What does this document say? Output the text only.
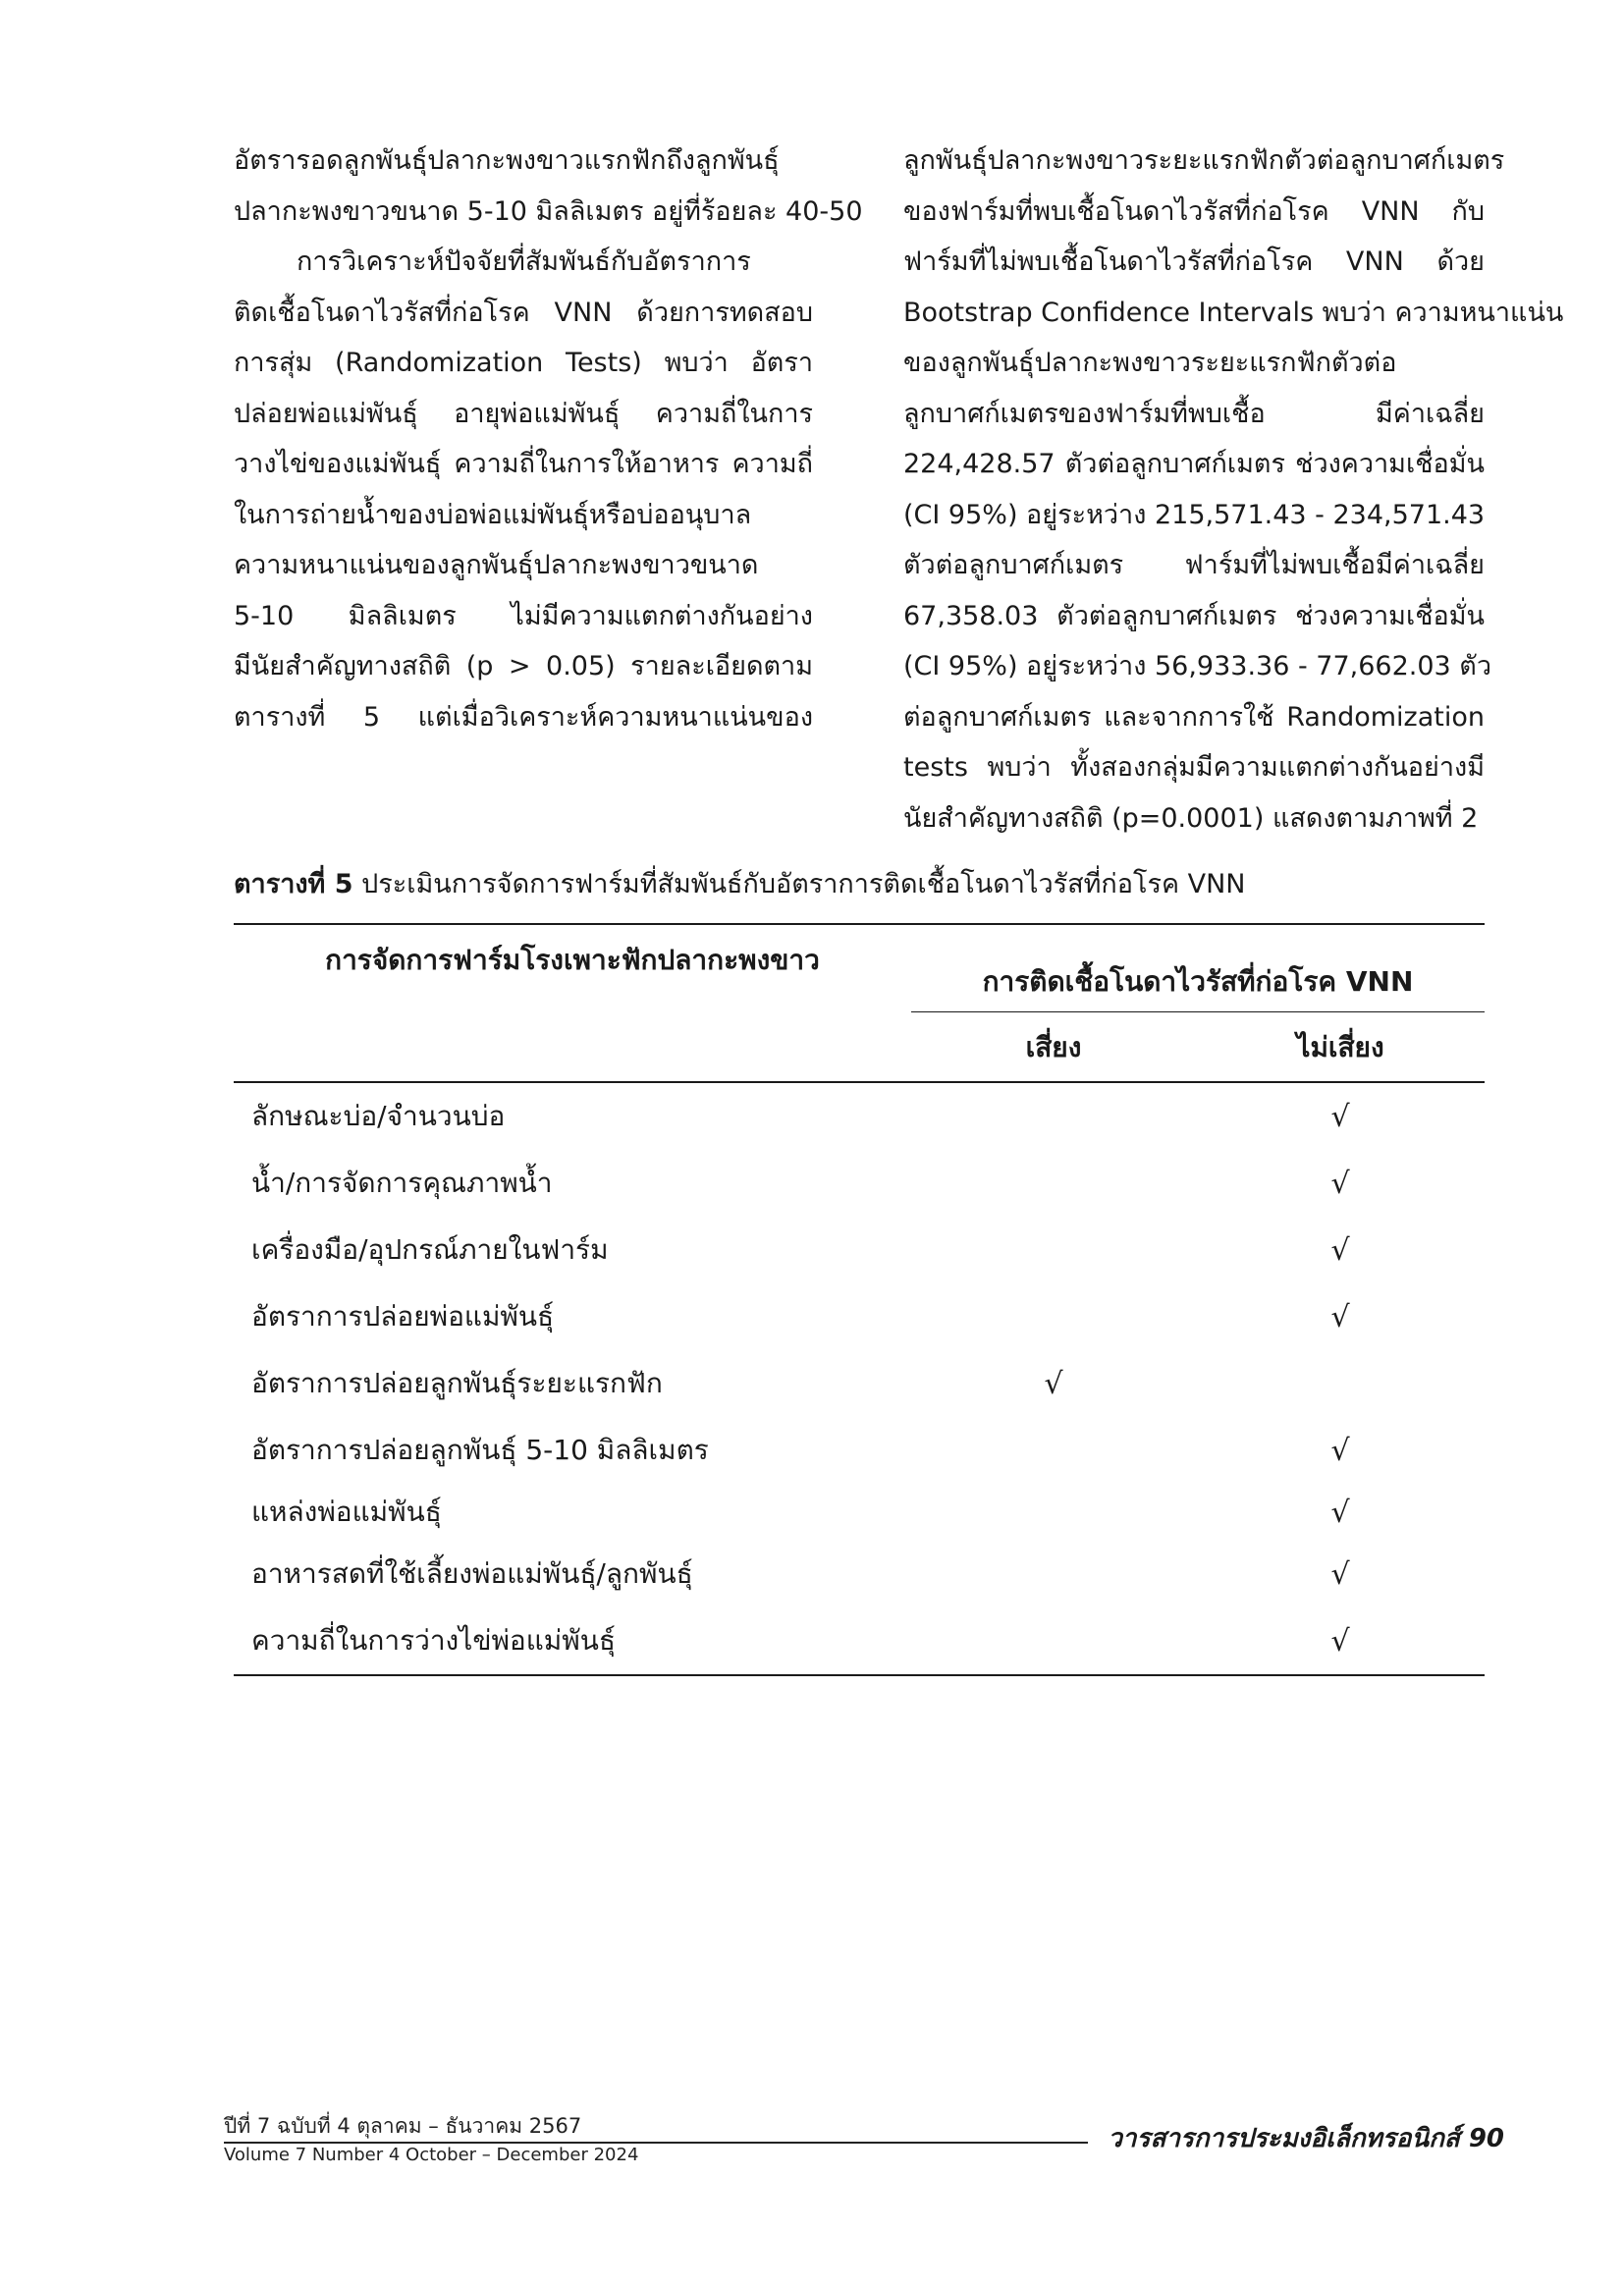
อัตรารอดลูกพันธุ์ปลากะพงขาวแรกฟักถึงลูกพันธุ์
ปลากะพงขาวขนาด 5-10 มิลลิเมตร อยู่ที่ร้อยละ 40-50

การวิเคราะห์ปัจจัยที่สัมพันธ์กับอัตราการ
ติดเชื้อโนดาไวรัสที่ก่อโรค VNN ด้วยการทดสอบ
การสุ่ม (Randomization Tests) พบว่า อัตรา
ปล่อยพ่อแม่พันธุ์ อายุพ่อแม่พันธุ์ ความถี่ในการ
วางไข่ของแม่พันธุ์ ความถี่ในการให้อาหาร ความถี่
ในการถ่ายน้ำของบ่อพ่อแม่พันธุ์หรือบ่ออนุบาล
ความหนาแน่นของลูกพันธุ์ปลากะพงขาวขนาด
5-10 มิลลิเมตร ไม่มีความแตกต่างกันอย่าง
มีนัยสำคัญทางสถิติ (p > 0.05) รายละเอียดตาม
ตารางที่ 5 แต่เมื่อวิเคราะห์ความหนาแน่นของ

ลูกพันธุ์ปลากะพงขาวระยะแรกฟักตัวต่อลูกบาศก์เมตร
ของฟาร์มที่พบเชื้อโนดาไวรัสที่ก่อโรค VNN กับ
ฟาร์มที่ไม่พบเชื้อโนดาไวรัสที่ก่อโรค VNN ด้วย
Bootstrap Confidence Intervals พบว่า ความหนาแน่น
ของลูกพันธุ์ปลากะพงขาวระยะแรกฟักตัวต่อ
ลูกบาศก์เมตรของฟาร์มที่พบเชื้อ มีค่าเฉลี่ย
224,428.57 ตัวต่อลูกบาศก์เมตร ช่วงความเชื่อมั่น
(CI 95%) อยู่ระหว่าง 215,571.43 - 234,571.43
ตัวต่อลูกบาศก์เมตร ฟาร์มที่ไม่พบเชื้อมีค่าเฉลี่ย
67,358.03 ตัวต่อลูกบาศก์เมตร ช่วงความเชื่อมั่น
(CI 95%) อยู่ระหว่าง 56,933.36 - 77,662.03 ตัว
ต่อลูกบาศก์เมตร และจากการใช้ Randomization
tests พบว่า ทั้งสองกลุ่มมีความแตกต่างกันอย่างมี
นัยสำคัญทางสถิติ (p=0.0001) แสดงตามภาพที่ 2

ตารางที่ 5 ประเมินการจัดการฟาร์มที่สัมพันธ์กับอัตราการติดเชื้อโนดาไวรัสที่ก่อโรค VNN
การจัดการฟาร์มโรงเพาะฟักปลากะพงขาว	การติดเชื้อโนดาไวรัสที่ก่อโรค VNN	
	เสี่ยง	ไม่เสี่ยง
ลักษณะบ่อ/จำนวนบ่อ		√
น้ำ/การจัดการคุณภาพน้ำ		√
เครื่องมือ/อุปกรณ์ภายในฟาร์ม		√
อัตราการปล่อยพ่อแม่พันธุ์		√
อัตราการปล่อยลูกพันธุ์ระยะแรกฟัก	√	
อัตราการปล่อยลูกพันธุ์ 5-10 มิลลิเมตร		√
แหล่งพ่อแม่พันธุ์		√
อาหารสดที่ใช้เลี้ยงพ่อแม่พันธุ์/ลูกพันธุ์		√
ความถี่ในการว่างไข่พ่อแม่พันธุ์		√
ปีที่ 7 ฉบับที่ 4 ตุลาคม – ธันวาคม 2567
Volume 7 Number 4 October – December 2024
วารสารการประมงอิเล็กทรอนิกส์ 90
